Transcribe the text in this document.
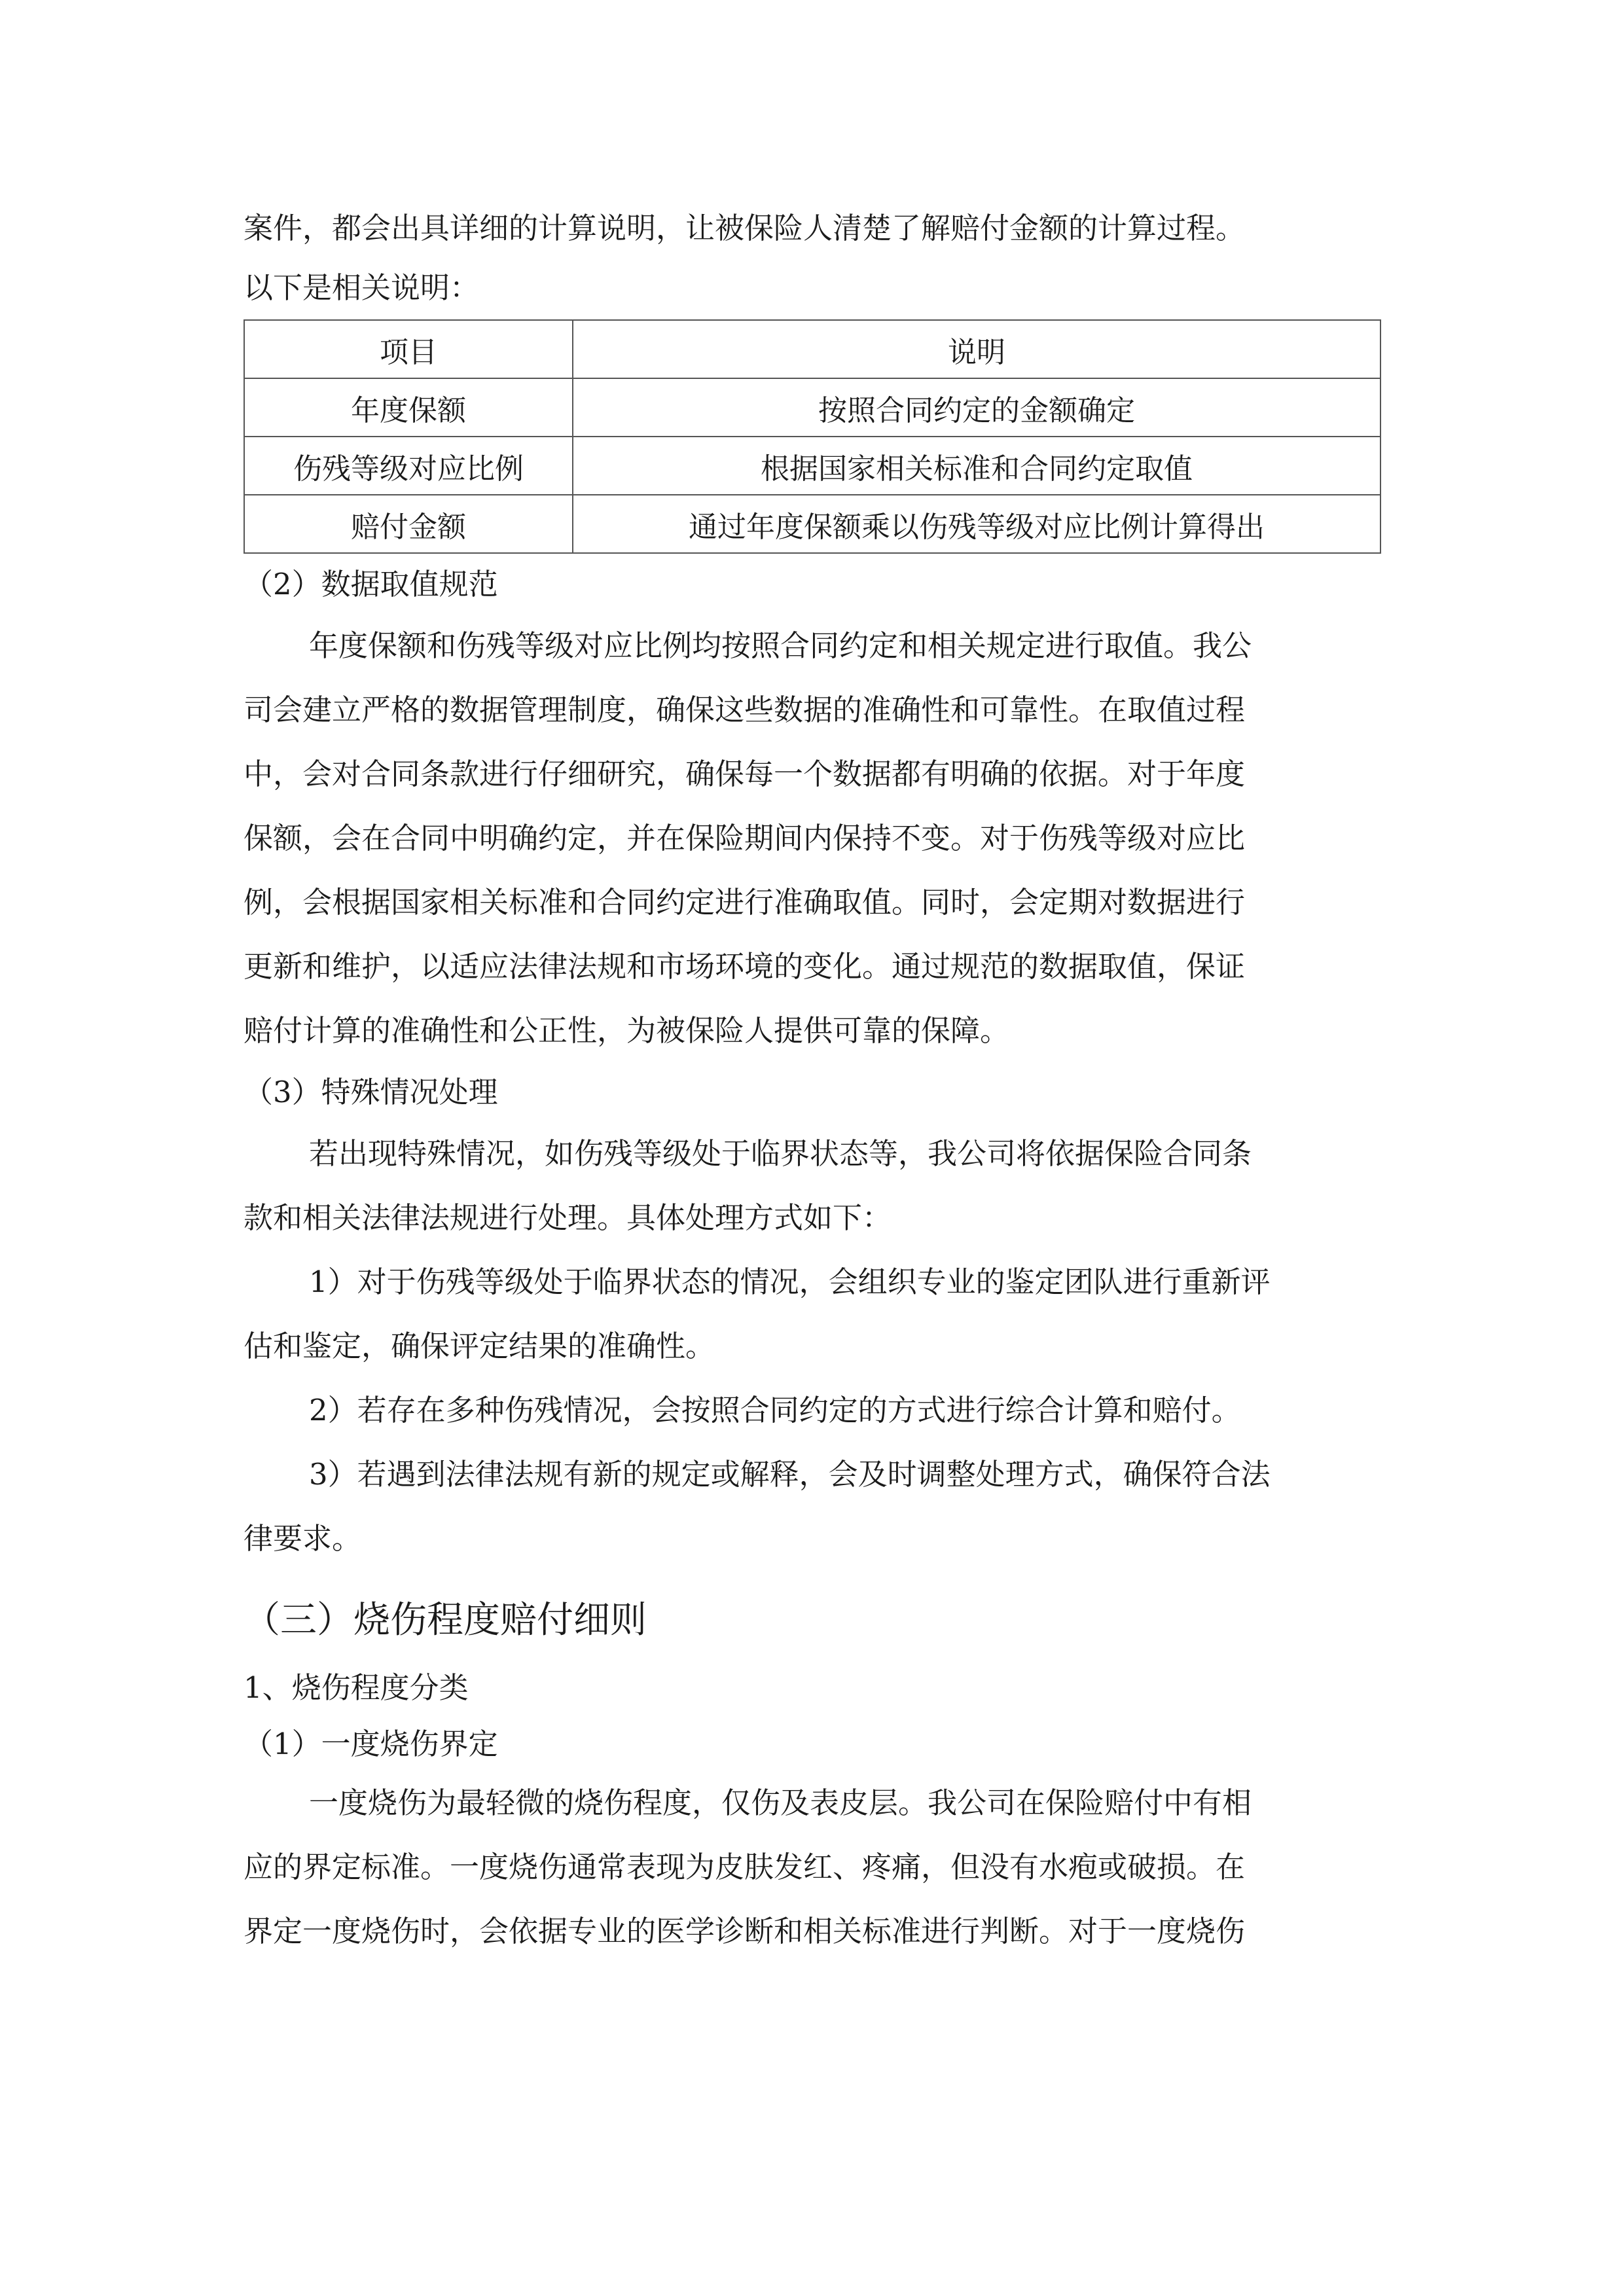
案件，都会出具详细的计算说明，让被保险人清楚了解赔付金额的计算过程。

以下是相关说明：

项目	说明
年度保额	按照合同约定的金额确定
伤残等级对应比例	根据国家相关标准和合同约定取值
赔付金额	通过年度保额乘以伤残等级对应比例计算得出

（2）数据取值规范

年度保额和伤残等级对应比例均按照合同约定和相关规定进行取值。我公

司会建立严格的数据管理制度，确保这些数据的准确性和可靠性。在取值过程

中，会对合同条款进行仔细研究，确保每一个数据都有明确的依据。对于年度

保额，会在合同中明确约定，并在保险期间内保持不变。对于伤残等级对应比

例，会根据国家相关标准和合同约定进行准确取值。同时，会定期对数据进行

更新和维护，以适应法律法规和市场环境的变化。通过规范的数据取值，保证

赔付计算的准确性和公正性，为被保险人提供可靠的保障。

（3）特殊情况处理

若出现特殊情况，如伤残等级处于临界状态等，我公司将依据保险合同条

款和相关法律法规进行处理。具体处理方式如下：

1）对于伤残等级处于临界状态的情况，会组织专业的鉴定团队进行重新评

估和鉴定，确保评定结果的准确性。

2）若存在多种伤残情况，会按照合同约定的方式进行综合计算和赔付。

3）若遇到法律法规有新的规定或解释，会及时调整处理方式，确保符合法

律要求。

（三）烧伤程度赔付细则

1、烧伤程度分类

（1）一度烧伤界定

一度烧伤为最轻微的烧伤程度，仅伤及表皮层。我公司在保险赔付中有相

应的界定标准。一度烧伤通常表现为皮肤发红、疼痛，但没有水疱或破损。在

界定一度烧伤时，会依据专业的医学诊断和相关标准进行判断。对于一度烧伤
